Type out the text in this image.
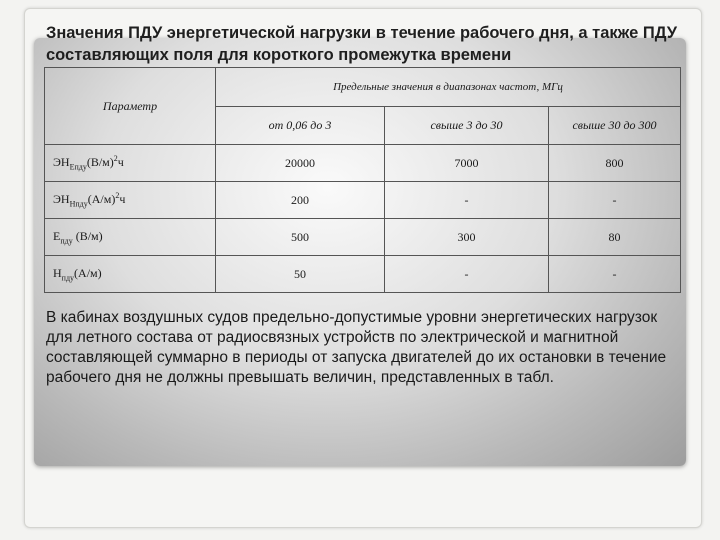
Значения ПДУ энергетической нагрузки в течение рабочего дня, а также ПДУ составляющих поля для короткого промежутка времени
Параметр	Предельные значения в диапазонах частот, МГц		
	от 0,06 до 3	свыше 3 до 30	свыше 30 до 300
$ЭН_{Епду}(В/м)^2ч$	20000	7000	800
$ЭН_{Hпду}(А/м)^2ч$	200	-	-
$Е_{пду}$ (В/м)	500	300	80
$Н_{пду}(А/м)$	50	-	-

В кабинах воздушных судов предельно-допустимые уровни энергетических нагрузок для летного состава от радиосвязных устройств по электрической и магнитной составляющей суммарно в периоды от запуска двигателей до их остановки в течение рабочего дня не должны превышать величин, представленных в табл.
